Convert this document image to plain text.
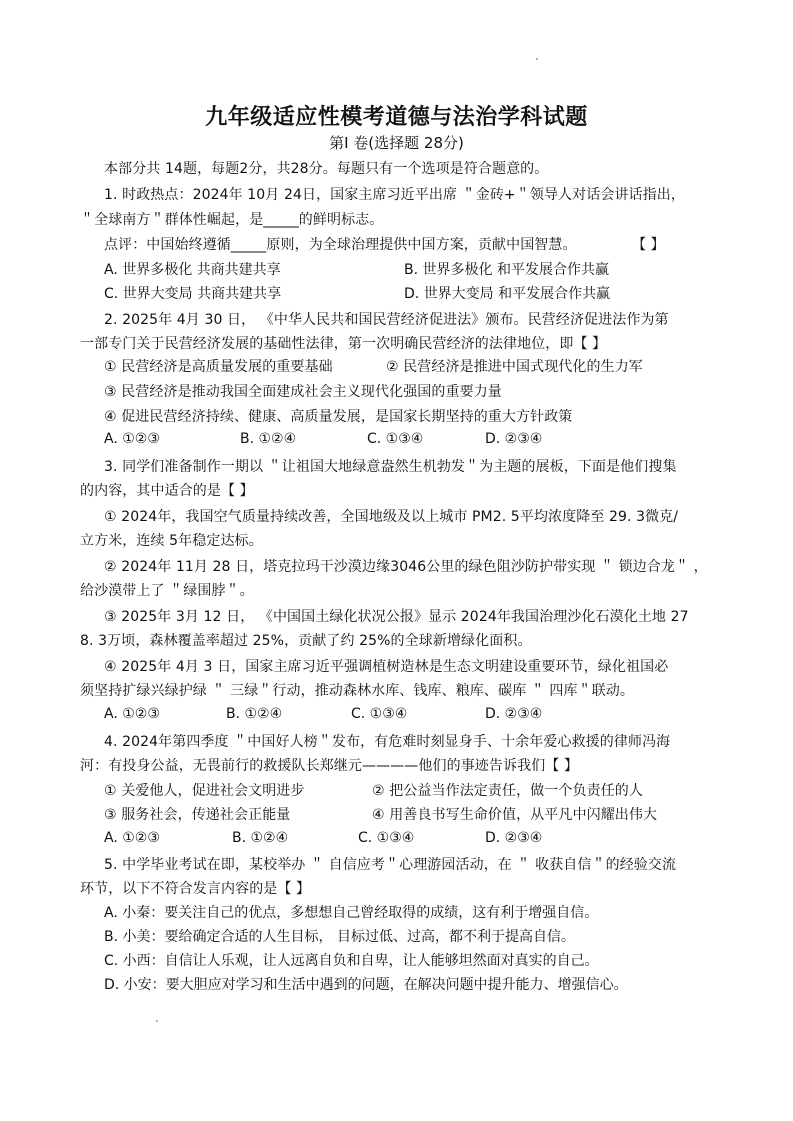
九年级适应性模考道德与法治学科试题
第Ⅰ 卷(选择题 28分)
本部分共 14题，每题2分，共28分。每题只有一个选项是符合题意的。
1. 时政热点：2024年 10月 24日，国家主席习近平出席 ＂金砖+＂领导人对话会讲话指出，
＂全球南方＂群体性崛起，是_____的鲜明标志。
点评：中国始终遵循_____原则，为全球治理提供中国方案，贡献中国智慧。	【 】
A. 世界多极化 共商共建共享	B. 世界多极化 和平发展合作共赢
C. 世界大变局 共商共建共享	D. 世界大变局 和平发展合作共赢
2. 2025年 4月 30 日， 《中华人民共和国民营经济促进法》颁布。民营经济促进法作为第
一部专门关于民营经济发展的基础性法律，第一次明确民营经济的法律地位，即【 】
① 民营经济是高质量发展的重要基础	② 民营经济是推进中国式现代化的生力军
③ 民营经济是推动我国全面建成社会主义现代化强国的重要力量
④ 促进民营经济持续、健康、高质量发展，是国家长期坚持的重大方针政策
A. ①②③	B. ①②④	C. ①③④	D. ②③④
3. 同学们准备制作一期以 ＂让祖国大地绿意盎然生机勃发＂为主题的展板，下面是他们搜集
的内容，其中适合的是【 】
① 2024年，我国空气质量持续改善，全国地级及以上城市 PM2. 5平均浓度降至 29. 3微克/
立方米，连续 5年稳定达标。
② 2024年 11月 28 日，塔克拉玛干沙漠边缘3046公里的绿色阻沙防护带实现 ＂ 锁边合龙＂ ，
给沙漠带上了 ＂绿围脖＂。
③ 2025年 3月 12 日， 《中国国土绿化状况公报》显示 2024年我国治理沙化石漠化土地 27
8. 3万顷，森林覆盖率超过 25%，贡献了约 25%的全球新增绿化面积。
④ 2025年 4月 3 日，国家主席习近平强调植树造林是生态文明建设重要环节，绿化祖国必
须坚持扩绿兴绿护绿 ＂ 三绿＂行动，推动森林水库、钱库、粮库、碳库 ＂ 四库＂联动。
A. ①②③	B. ①②④	C. ①③④	D. ②③④
4. 2024年第四季度 ＂中国好人榜＂发布，有危难时刻显身手、十余年爱心救援的律师冯海
河：有投身公益，无畏前行的救援队长郑继元————他们的事迹告诉我们【 】
① 关爱他人，促进社会文明进步	② 把公益当作法定责任，做一个负责任的人
③ 服务社会，传递社会正能量	④ 用善良书写生命价值，从平凡中闪耀出伟大
A. ①②③	B. ①②④	C. ①③④	D. ②③④
5. 中学毕业考试在即，某校举办 ＂ 自信应考＂心理游园活动，在 ＂ 收获自信＂的经验交流
环节，以下不符合发言内容的是【 】
A. 小秦：要关注自己的优点，多想想自己曾经取得的成绩，这有利于增强自信。
B. 小美：要给确定合适的人生目标， 目标过低、过高，都不利于提高自信。
C. 小西：自信让人乐观，让人远离自负和自卑，让人能够坦然面对真实的自己。
D. 小安：要大胆应对学习和生活中遇到的问题，在解决问题中提升能力、增强信心。
